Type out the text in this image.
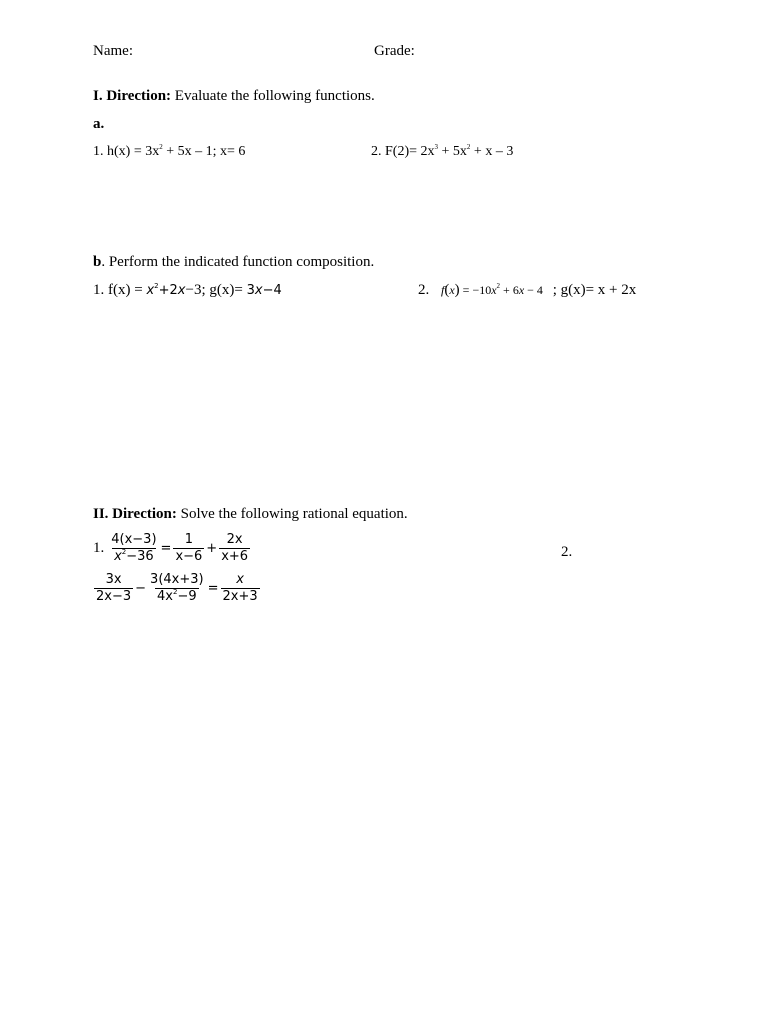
Name:	Grade:
I. Direction: Evaluate the following functions.
a.
1. $h(x) = 3x^2 + 5x - 1$; x= 6	2. $F(2)= 2x^3 + 5x^2 + x - 3$
b. Perform the indicated function composition.
1. $f(x) = x^2+2x-3$; g(x)= 3x−4	2. $f(x) = -10x^2 + 6x - 4$ ; g(x)= x + 2x
II. Direction: Solve the following rational equation.
1. $\frac{4(x-3)}{x^2-36} = \frac{1}{x-6} + \frac{2x}{x+6}$	2.
$\frac{3x}{2x-3} - \frac{3(4x+3)}{4x^2-9} = \frac{x}{2x+3}$
